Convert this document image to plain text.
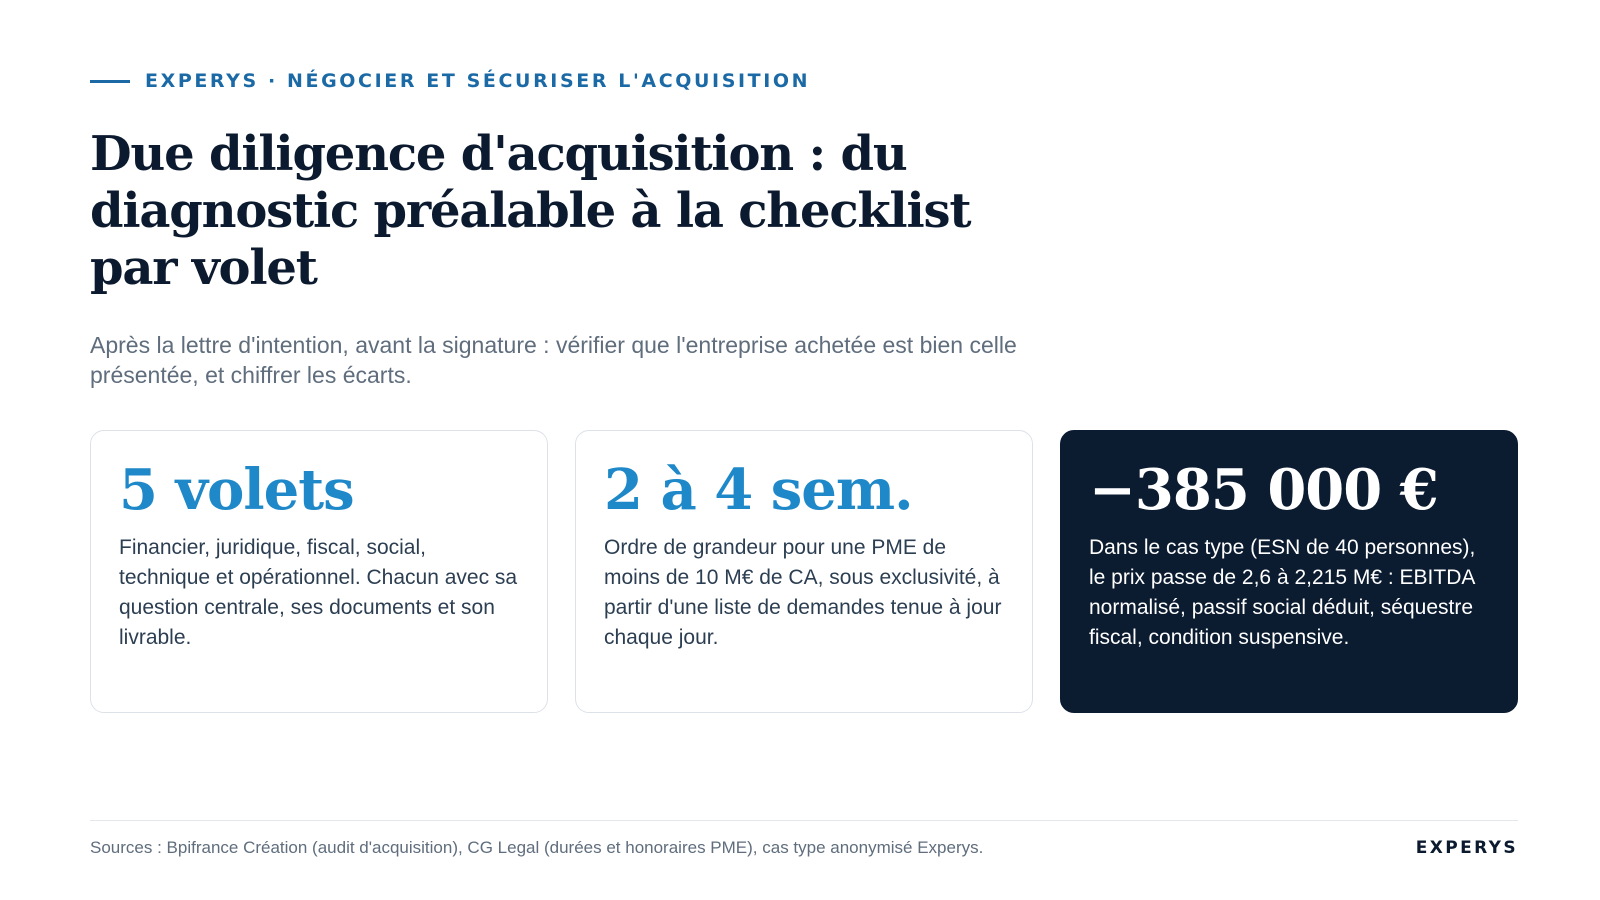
EXPERYS · NÉGOCIER ET SÉCURISER L'ACQUISITION
Due diligence d'acquisition : du diagnostic préalable à la checklist par volet

Après la lettre d'intention, avant la signature : vérifier que l'entreprise achetée est bien celle présentée, et chiffrer les écarts.

5 volets
Financier, juridique, fiscal, social, technique et opérationnel. Chacun avec sa question centrale, ses documents et son livrable.
2 à 4 sem.
Ordre de grandeur pour une PME de moins de 10 M€ de CA, sous exclusivité, à partir d'une liste de demandes tenue à jour chaque jour.
−385 000 €
Dans le cas type (ESN de 40 personnes), le prix passe de 2,6 à 2,215 M€ : EBITDA normalisé, passif social déduit, séquestre fiscal, condition suspensive.
Sources : Bpifrance Création (audit d'acquisition), CG Legal (durées et honoraires PME), cas type anonymisé Experys.	EXPERYS
